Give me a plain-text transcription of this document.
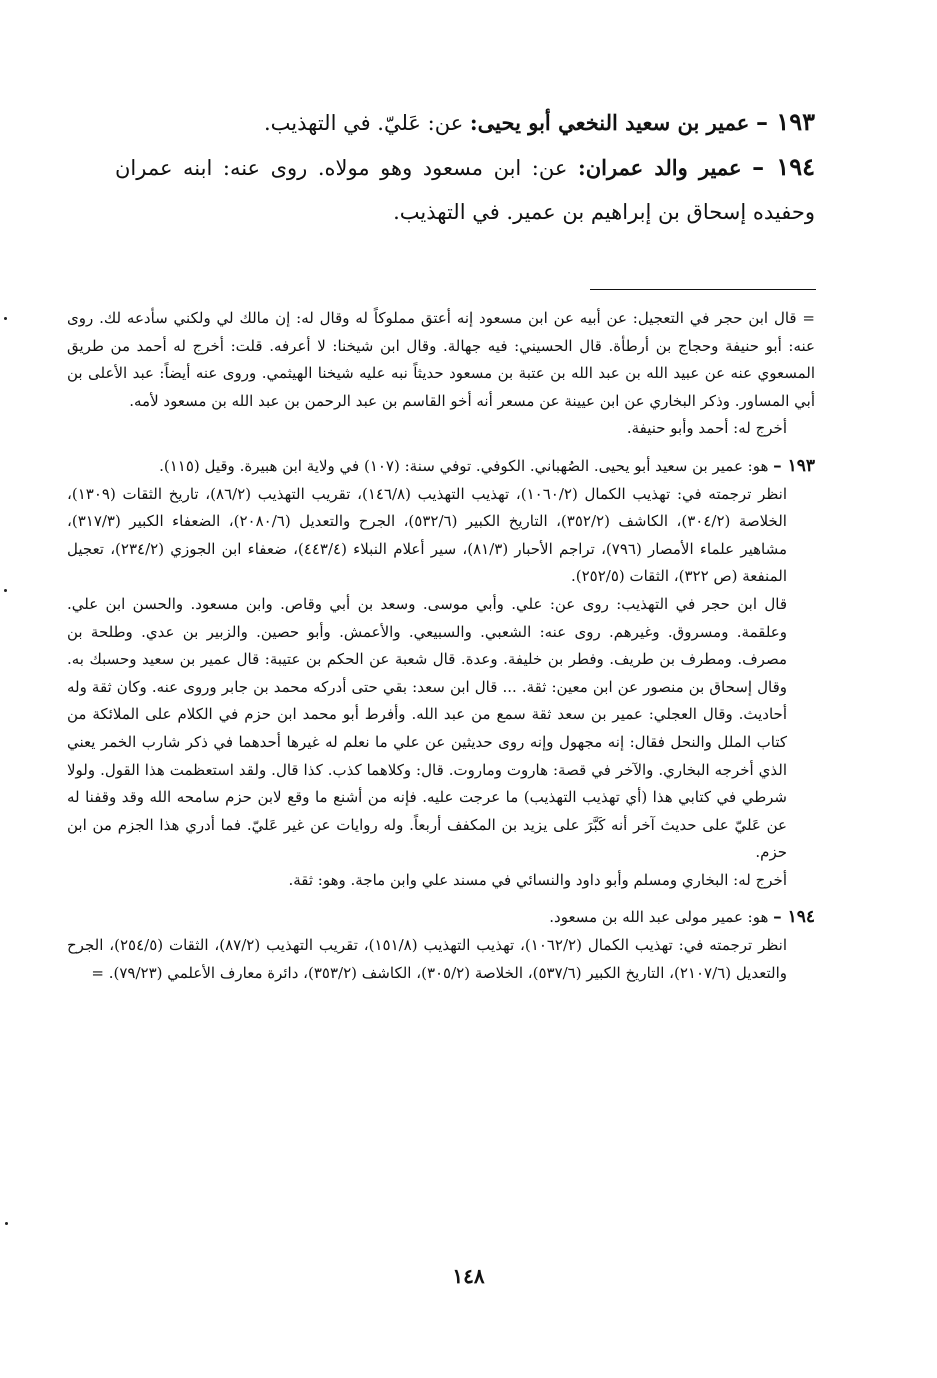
١٩٣ – عمير بن سعيد النخعي أبو يحيى: عن: عَليّ. في التهذيب.

١٩٤ – عمير والد عمران: عن: ابن مسعود وهو مولاه. روى عنه: ابنه عمران وحفيده إسحاق بن إبراهيم بن عمير. في التهذيب.

= قال ابن حجر في التعجيل: عن أبيه عن ابن مسعود إنه أعتق مملوكاً له وقال له: إن مالك لي ولكني سأدعه لك. روى عنه: أبو حنيفة وحجاج بن أرطأة. قال الحسيني: فيه جهالة. وقال ابن شيخنا: لا أعرفه. قلت: أخرج له أحمد من طريق المسعوي عنه عن عبيد الله بن عبد الله بن عتبة بن مسعود حديثاً نبه عليه شيخنا الهيثمي. وروى عنه أيضاً: عبد الأعلى بن أبي المساور. وذكر البخاري عن ابن عيينة عن مسعر أنه أخو القاسم بن عبد الرحمن بن عبد الله بن مسعود لأمه.

أخرج له: أحمد وأبو حنيفة.

١٩٣ – هو: عمير بن سعيد أبو يحيى. الصُهباني. الكوفي. توفي سنة: (١٠٧) في ولاية ابن هبيرة. وقيل (١١٥).

انظر ترجمته في: تهذيب الكمال (١٠٦٠/٢)، تهذيب التهذيب (١٤٦/٨)، تقريب التهذيب (٨٦/٢)، تاريخ الثقات (١٣٠٩)، الخلاصة (٣٠٤/٢)، الكاشف (٣٥٢/٢)، التاريخ الكبير (٥٣٢/٦)، الجرح والتعديل (٢٠٨٠/٦)، الضعفاء الكبير (٣١٧/٣)، مشاهير علماء الأمصار (٧٩٦)، تراجم الأحبار (٨١/٣)، سير أعلام النبلاء (٤٤٣/٤)، ضعفاء ابن الجوزي (٢٣٤/٢)، تعجيل المنفعة (ص ٣٢٢)، الثقات (٢٥٢/٥).

قال ابن حجر في التهذيب: روى عن: علي. وأبي موسى. وسعد بن أبي وقاص. وابن مسعود. والحسن ابن علي. وعلقمة. ومسروق. وغيرهم. روى عنه: الشعبي. والسبيعي. والأعمش. وأبو حصين. والزبير بن عدي. وطلحة بن مصرف. ومطرف بن طريف. وفطر بن خليفة. وعدة. قال شعبة عن الحكم بن عتيبة: قال عمير بن سعيد وحسبك به. وقال إسحاق بن منصور عن ابن معين: ثقة. ... قال ابن سعد: بقي حتى أدركه محمد بن جابر وروى عنه. وكان ثقة وله أحاديث. وقال العجلي: عمير بن سعد ثقة سمع من عبد الله. وأفرط أبو محمد ابن حزم في الكلام على الملائكة من كتاب الملل والنحل فقال: إنه مجهول وإنه روى حديثين عن علي ما نعلم له غيرها أحدهما في ذكر شارب الخمر يعني الذي أخرجه البخاري. والآخر في قصة: هاروت وماروت. قال: وكلاهما كذب. كذا قال. ولقد استعظمت هذا القول. ولولا شرطي في كتابي هذا (أي تهذيب التهذيب) ما عرجت عليه. فإنه من أشنع ما وقع لابن حزم سامحه الله وقد وقفنا له عن عَليّ على حديث آخر أنه كَبَّرَ على يزيد بن المكفف أربعاً. وله روايات عن غير عَليّ. فما أدري هذا الجزم من ابن حزم.

أخرج له: البخاري ومسلم وأبو داود والنسائي في مسند علي وابن ماجة. وهو: ثقة.

١٩٤ – هو: عمير مولى عبد الله بن مسعود.

انظر ترجمته في: تهذيب الكمال (١٠٦٢/٢)، تهذيب التهذيب (١٥١/٨)، تقريب التهذيب (٨٧/٢)، الثقات (٢٥٤/٥)، الجرح والتعديل (٢١٠٧/٦)، التاريخ الكبير (٥٣٧/٦)، الخلاصة (٣٠٥/٢)، الكاشف (٣٥٣/٢)، دائرة معارف الأعلمي (٧٩/٢٣). =

١٤٨
